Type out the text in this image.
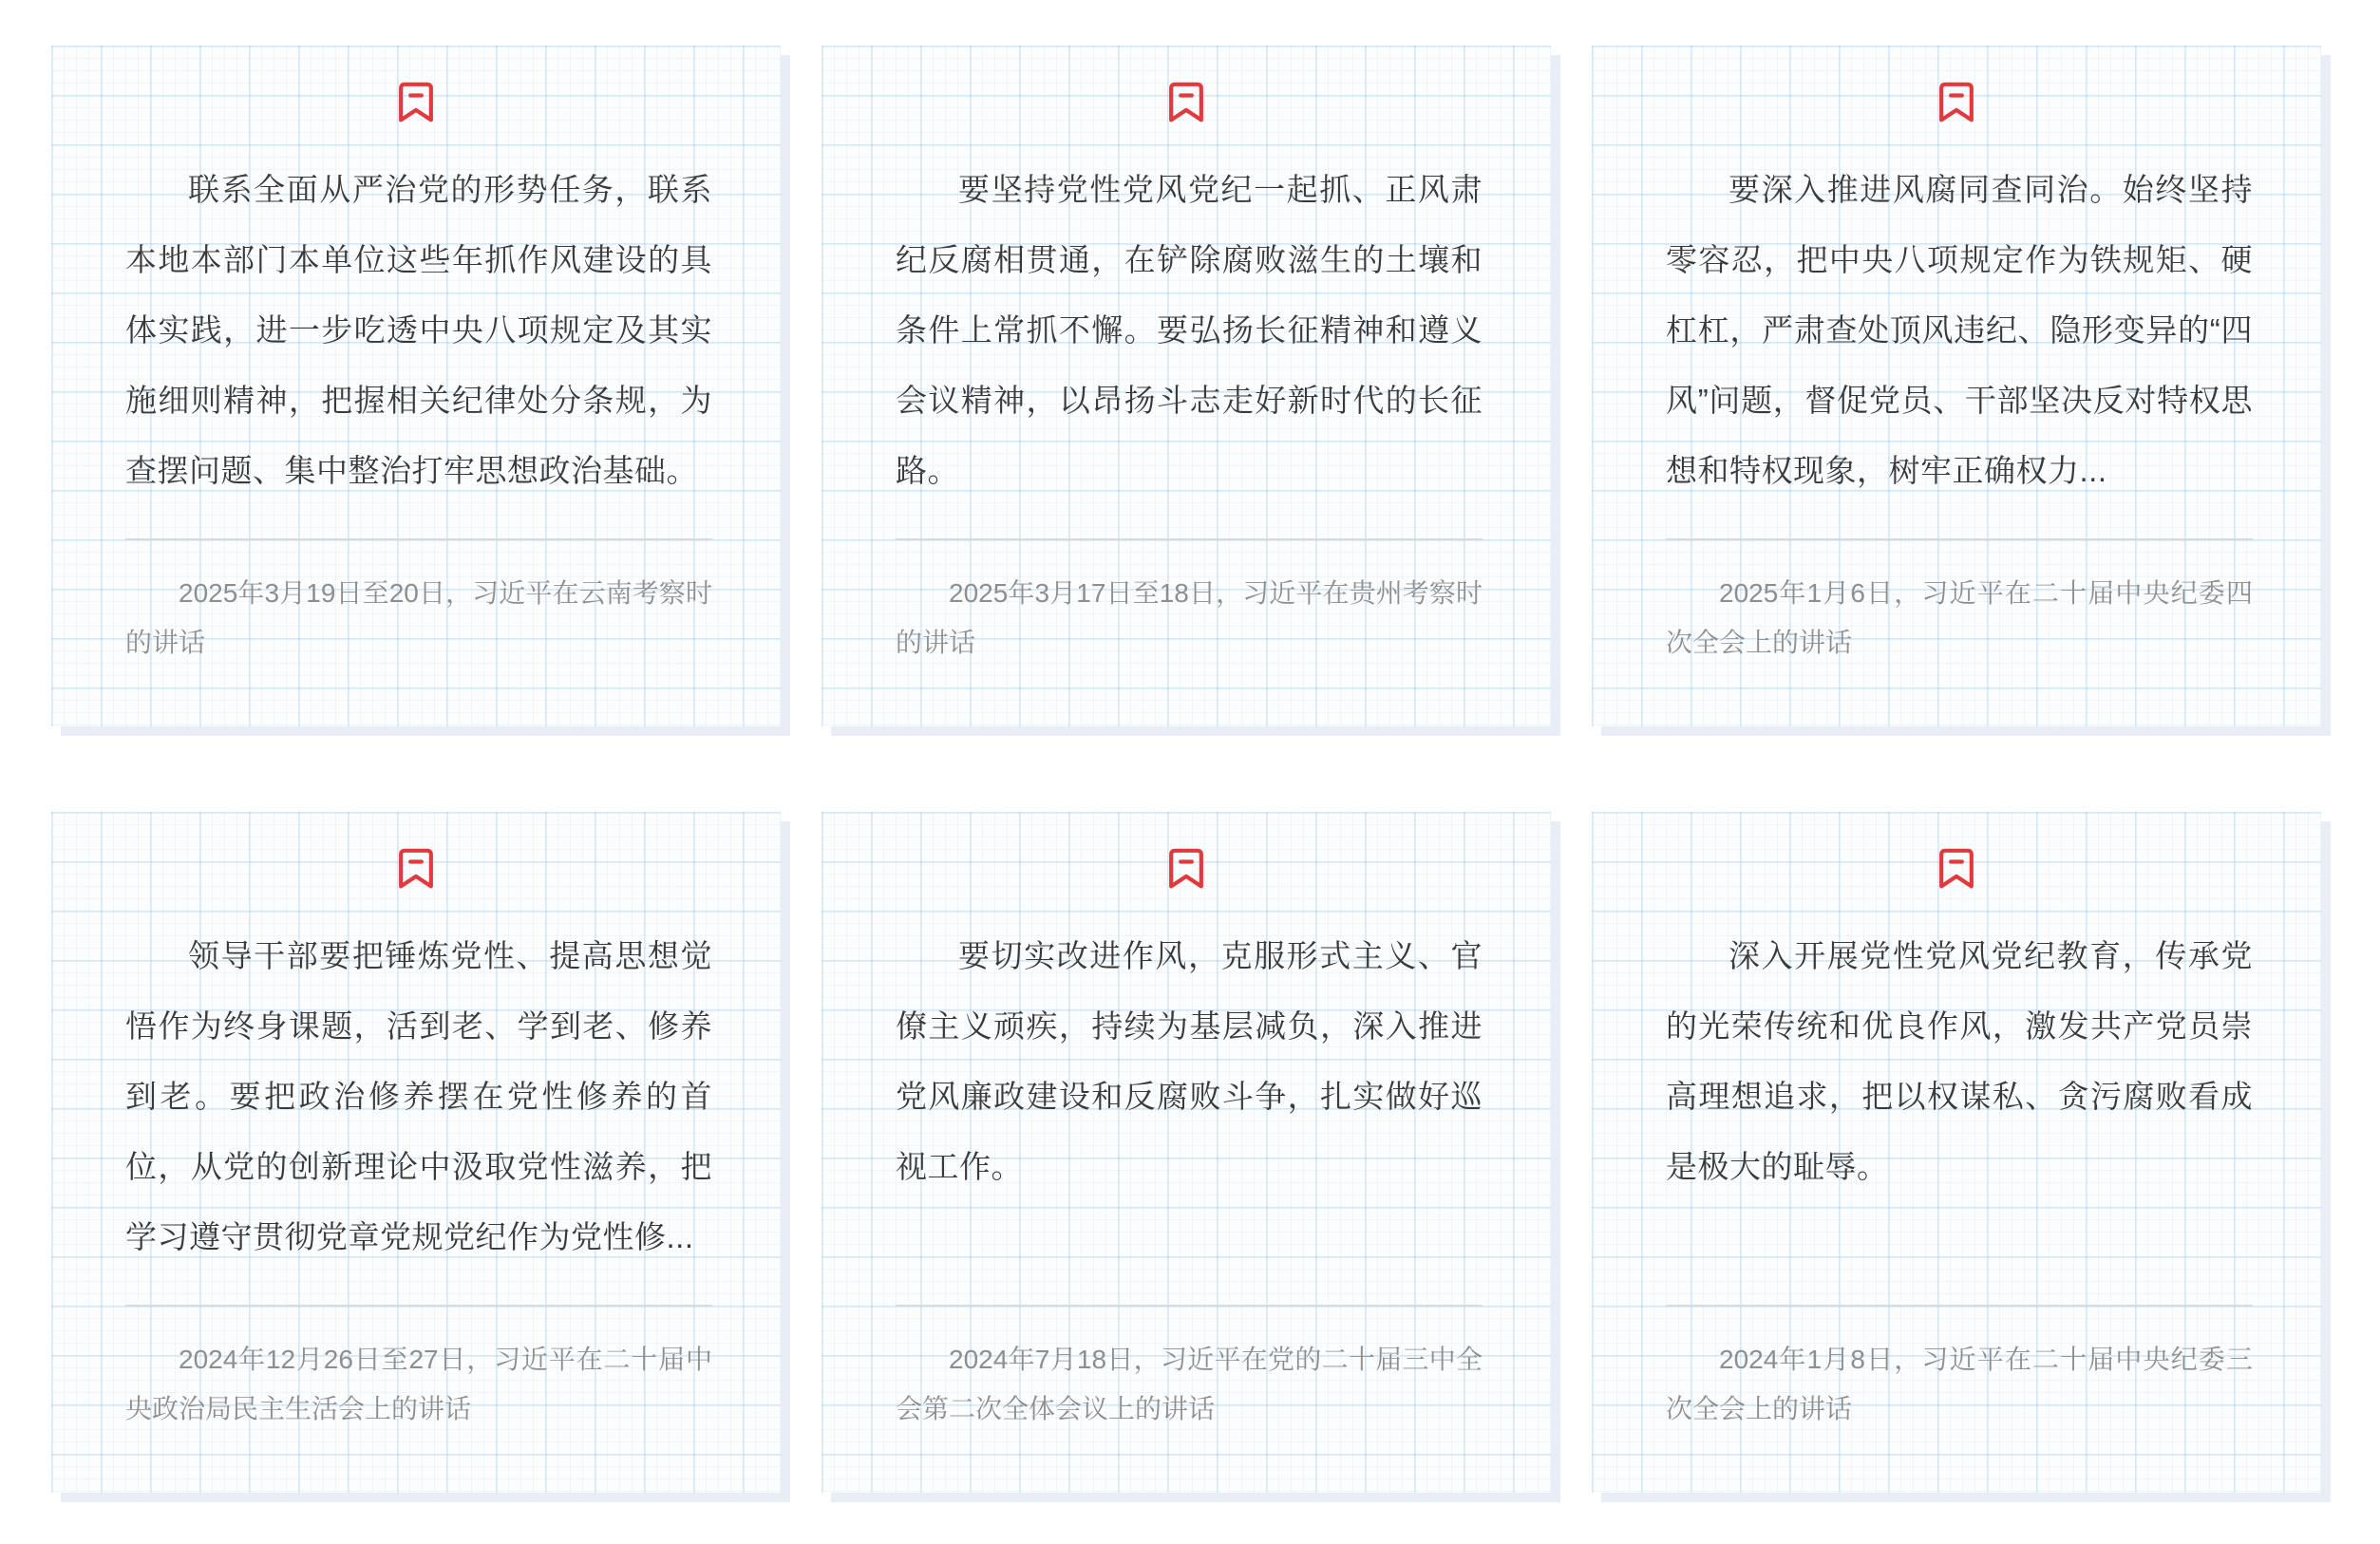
联系全面从严治党的形势任务，联系本地本部门本单位这些年抓作风建设的具体实践，进一步吃透中央八项规定及其实施细则精神，把握相关纪律处分条规，为查摆问题、集中整治打牢思想政治基础。

2025年3月19日至20日，习近平在云南考察时的讲话

要坚持党性党风党纪一起抓、正风肃纪反腐相贯通，在铲除腐败滋生的土壤和条件上常抓不懈。要弘扬长征精神和遵义会议精神，以昂扬斗志走好新时代的长征路。

2025年3月17日至18日，习近平在贵州考察时的讲话

要深入推进风腐同查同治。始终坚持零容忍，把中央八项规定作为铁规矩、硬杠杠，严肃查处顶风违纪、隐形变异的“四风”问题，督促党员、干部坚决反对特权思想和特权现象，树牢正确权力...

2025年1月6日，习近平在二十届中央纪委四次全会上的讲话

领导干部要把锤炼党性、提高思想觉悟作为终身课题，活到老、学到老、修养到老。要把政治修养摆在党性修养的首位，从党的创新理论中汲取党性滋养，把学习遵守贯彻党章党规党纪作为党性修...

2024年12月26日至27日，习近平在二十届中央政治局民主生活会上的讲话

要切实改进作风，克服形式主义、官僚主义顽疾，持续为基层减负，深入推进党风廉政建设和反腐败斗争，扎实做好巡视工作。

2024年7月18日，习近平在党的二十届三中全会第二次全体会议上的讲话

深入开展党性党风党纪教育，传承党的光荣传统和优良作风，激发共产党员崇高理想追求，把以权谋私、贪污腐败看成是极大的耻辱。

2024年1月8日，习近平在二十届中央纪委三次全会上的讲话
